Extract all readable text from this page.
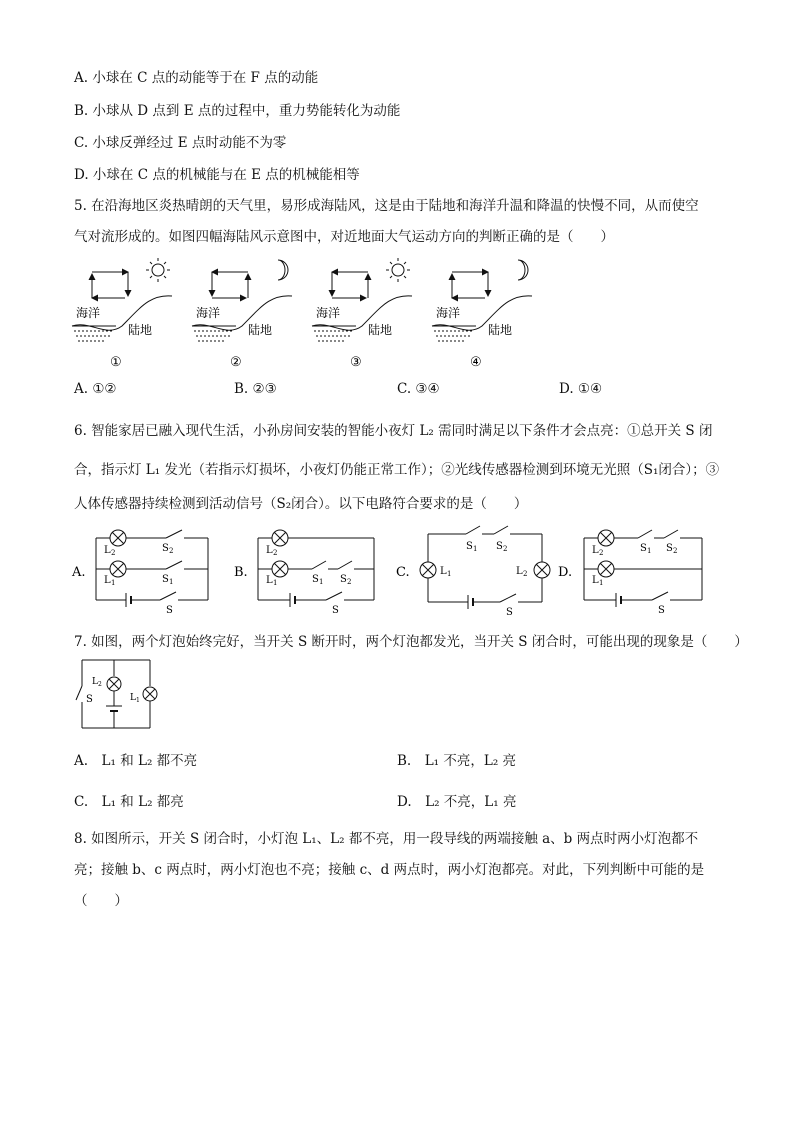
A. 小球在 C 点的动能等于在 F 点的动能
B. 小球从 D 点到 E 点的过程中，重力势能转化为动能
C. 小球反弹经过 E 点时动能不为零
D. 小球在 C 点的机械能与在 E 点的机械能相等
5. 在沿海地区炎热晴朗的天气里，易形成海陆风，这是由于陆地和海洋升温和降温的快慢不同，从而使空
气对流形成的。如图四幅海陆风示意图中，对近地面大气运动方向的判断正确的是（　　）
海洋
陆地
①
海洋
陆地
②
海洋
陆地
③
海洋
陆地
④
A. ①②	B. ②③	C. ③④	D. ①④
6. 智能家居已融入现代生活，小孙房间安装的智能小夜灯 L₂ 需同时满足以下条件才会点亮：①总开关 S 闭
合，指示灯 L₁ 发光（若指示灯损坏，小夜灯仍能正常工作）；②光线传感器检测到环境无光照（S₁闭合）；③
人体传感器持续检测到活动信号（S₂闭合）。以下电路符合要求的是（　　）
A.
L 2	S 2
L 1	S 1
S
B.
L 2
L 1	S 1 S 2
S
C.	L 1	L 2
S 1 S 2
S
D.
L 2	S 1 S 2
L 1
S
7. 如图，两个灯泡始终完好，当开关 S 断开时，两个灯泡都发光，当开关 S 闭合时，可能出现的现象是（　　）
S
L 2
L 1
A.　L₁ 和 L₂ 都不亮	B.　L₁ 不亮，L₂ 亮
C.　L₁ 和 L₂ 都亮	D.　L₂ 不亮，L₁ 亮
8. 如图所示，开关 S 闭合时，小灯泡 L₁、L₂ 都不亮，用一段导线的两端接触 a、b 两点时两小灯泡都不
亮；接触 b、c 两点时，两小灯泡也不亮；接触 c、d 两点时，两小灯泡都亮。对此，下列判断中可能的是
（　　）
